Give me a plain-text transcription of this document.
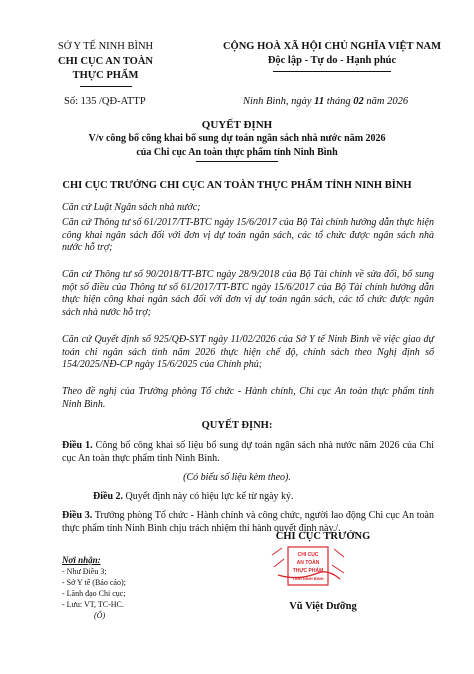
SỞ Y TẾ NINH BÌNH
CHI CỤC AN TOÀN
THỰC PHẨM
Số: 135 /QĐ-ATTP
CỘNG HOÀ XÃ HỘI CHỦ NGHĨA VIỆT NAM
Độc lập - Tự do - Hạnh phúc
Ninh Bình, ngày 11 tháng 02 năm 2026
QUYẾT ĐỊNH
V/v công bố công khai bổ sung dự toán ngân sách nhà nước năm 2026
của Chi cục An toàn thực phẩm tỉnh Ninh Bình
CHI CỤC TRƯỞNG CHI CỤC AN TOÀN THỰC PHẨM TỈNH NINH BÌNH
Căn cứ Luật Ngân sách nhà nước;
Căn cứ Thông tư số 61/2017/TT-BTC ngày 15/6/2017 của Bộ Tài chính hướng dẫn thực hiện công khai ngân sách đối với đơn vị dự toán ngân sách, các tổ chức được ngân sách nhà nước hỗ trợ;
Căn cứ Thông tư số 90/2018/TT-BTC ngày 28/9/2018 của Bộ Tài chính về sửa đổi, bổ sung một số điều của Thông tư số 61/2017/TT-BTC ngày 15/6/2017 của Bộ Tài chính hướng dẫn thực hiện công khai ngân sách đối với đơn vị dự toán ngân sách, các tổ chức được ngân sách nhà nước hỗ trợ;
Căn cứ Quyết định số 925/QĐ-SYT ngày 11/02/2026 của Sở Y tế Ninh Bình về việc giao dự toán chi ngân sách tỉnh năm 2026 thực hiện chế độ, chính sách theo Nghị định số 154/2025/NĐ-CP ngày 15/6/2025 của Chính phủ;
Theo đề nghị của Trưởng phòng Tổ chức - Hành chính, Chi cục An toàn thực phẩm tỉnh Ninh Bình.
QUYẾT ĐỊNH:
Điều 1. Công bố công khai số liệu bổ sung dự toán ngân sách nhà nước năm 2026 của Chi cục An toàn thực phẩm tỉnh Ninh Bình.
(Có biểu số liệu kèm theo).
Điều 2. Quyết định này có hiệu lực kể từ ngày ký.
Điều 3. Trưởng phòng Tổ chức - Hành chính và công chức, người lao động Chi cục An toàn thực phẩm tỉnh Ninh Bình chịu trách nhiệm thi hành quyết định này./.
Nơi nhận:
- Như Điều 3;
- Sở Y tế (Báo cáo);
- Lãnh đạo Chi cục;
- Lưu: VT, TC-HC.
(Ô)
CHI CỤC TRƯỞNG
CHI CỤC
AN TOÀN
THỰC PHẨM
TỈNH NINH BÌNH
Vũ Việt Dưỡng
